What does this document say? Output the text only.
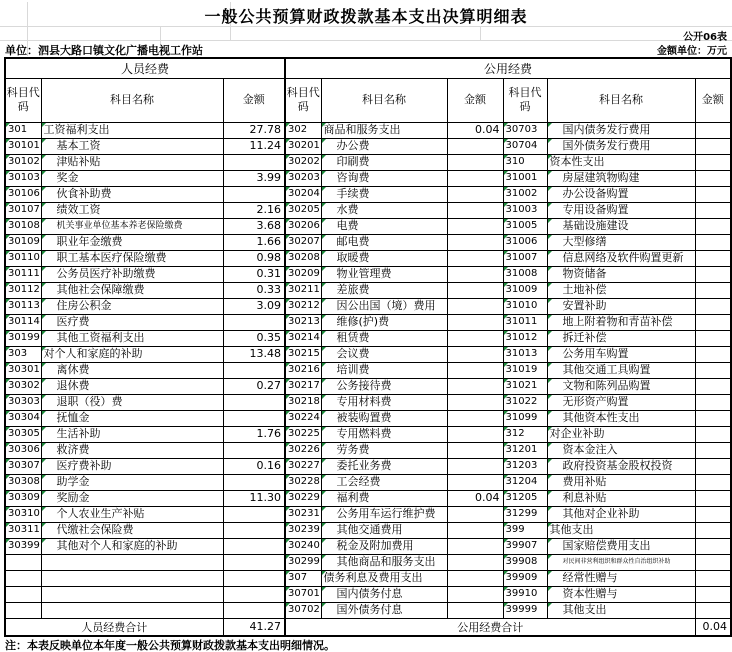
一般公共预算财政拨款基本支出决算明细表
公开06表
金额单位：万元
单位：泗县大路口镇文化广播电视工作站
人员经费			公用经费					
科目代码	科目名称	金额	科目代码	科目名称	金额	科目代码	科目名称	金额
301	工资福利支出	27.78	302	商品和服务支出	0.04	30703	国内债务发行费用	
30101	基本工资	11.24	30201	办公费		30704	国外债务发行费用	
30102	津贴补贴		30202	印刷费		310	资本性支出	
30103	奖金	3.99	30203	咨询费		31001	房屋建筑物购建	
30106	伙食补助费		30204	手续费		31002	办公设备购置	
30107	绩效工资	2.16	30205	水费		31003	专用设备购置	
30108	机关事业单位基本养老保险缴费	3.68	30206	电费		31005	基础设施建设	
30109	职业年金缴费	1.66	30207	邮电费		31006	大型修缮	
30110	职工基本医疗保险缴费	0.98	30208	取暖费		31007	信息网络及软件购置更新	
30111	公务员医疗补助缴费	0.31	30209	物业管理费		31008	物资储备	
30112	其他社会保障缴费	0.33	30211	差旅费		31009	土地补偿	
30113	住房公积金	3.09	30212	因公出国（境）费用		31010	安置补助	
30114	医疗费		30213	维修(护)费		31011	地上附着物和青苗补偿	
30199	其他工资福利支出	0.35	30214	租赁费		31012	拆迁补偿	
303	对个人和家庭的补助	13.48	30215	会议费		31013	公务用车购置	
30301	离休费		30216	培训费		31019	其他交通工具购置	
30302	退休费	0.27	30217	公务接待费		31021	文物和陈列品购置	
30303	退职（役）费		30218	专用材料费		31022	无形资产购置	
30304	抚恤金		30224	被装购置费		31099	其他资本性支出	
30305	生活补助	1.76	30225	专用燃料费		312	对企业补助	
30306	救济费		30226	劳务费		31201	资本金注入	
30307	医疗费补助	0.16	30227	委托业务费		31203	政府投资基金股权投资	
30308	助学金		30228	工会经费		31204	费用补贴	
30309	奖励金	11.30	30229	福利费	0.04	31205	利息补贴	
30310	个人农业生产补贴		30231	公务用车运行维护费		31299	其他对企业补助	
30311	代缴社会保险费		30239	其他交通费用		399	其他支出	
30399	其他对个人和家庭的补助		30240	税金及附加费用		39907	国家赔偿费用支出	
			30299	其他商品和服务支出		39908	对民间非营利组织和群众性自治组织补助	
			307	债务利息及费用支出		39909	经常性赠与	
			30701	国内债务付息		39910	资本性赠与	
			30702	国外债务付息		39999	其他支出	
人员经费合计		41.27	公用经费合计					0.04
注：本表反映单位本年度一般公共预算财政拨款基本支出明细情况。
